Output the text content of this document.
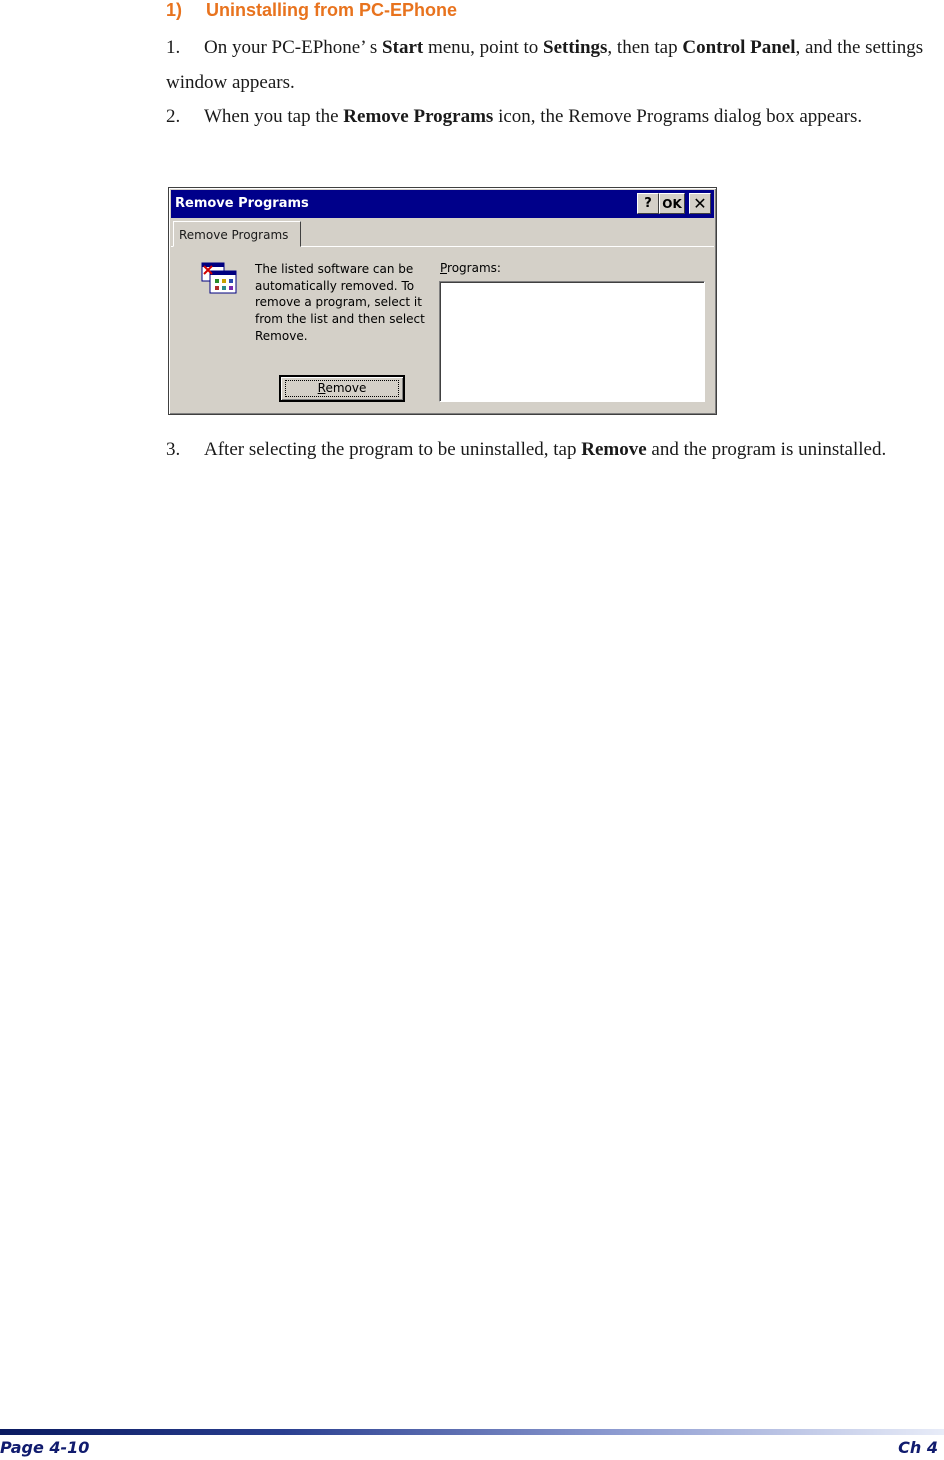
1) Uninstalling from PC-EPhone
1. On your PC-EPhone’ s Start menu, point to Settings, then tap Control Panel, and the settings window appears.
2. When you tap the Remove Programs icon, the Remove Programs dialog box appears.
Remove Programs	? OK ✕
Remove Programs
The listed software can be automatically removed. To remove a program, select it from the list and then select Remove.
Programs:
Remove
3. After selecting the program to be uninstalled, tap Remove and the program is uninstalled.
Page 4-10	Ch 4
